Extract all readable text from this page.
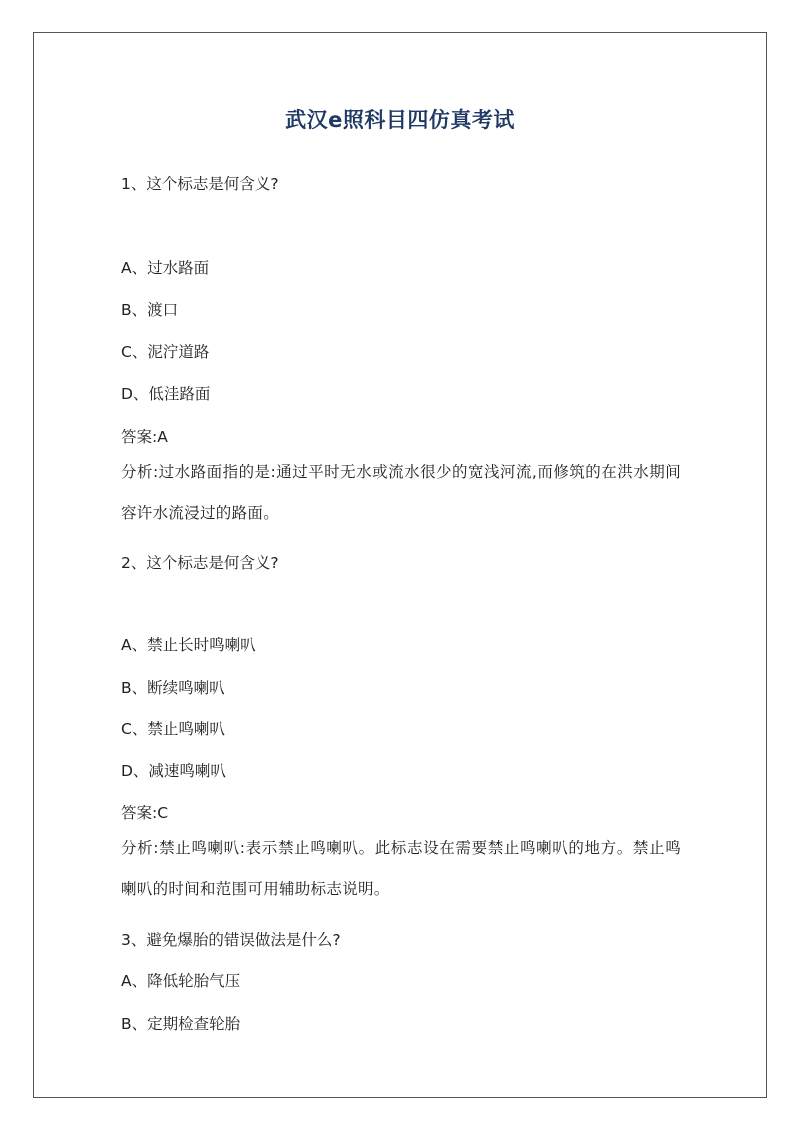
武汉e照科目四仿真考试
1、这个标志是何含义?
A、过水路面
B、渡口
C、泥泞道路
D、低洼路面
答案:A
分析:过水路面指的是:通过平时无水或流水很少的宽浅河流,而修筑的在洪水期间容许水流浸过的路面。
2、这个标志是何含义?
A、禁止长时鸣喇叭
B、断续鸣喇叭
C、禁止鸣喇叭
D、减速鸣喇叭
答案:C
分析:禁止鸣喇叭:表示禁止鸣喇叭。此标志设在需要禁止鸣喇叭的地方。禁止鸣喇叭的时间和范围可用辅助标志说明。
3、避免爆胎的错误做法是什么?
A、降低轮胎气压
B、定期检查轮胎
